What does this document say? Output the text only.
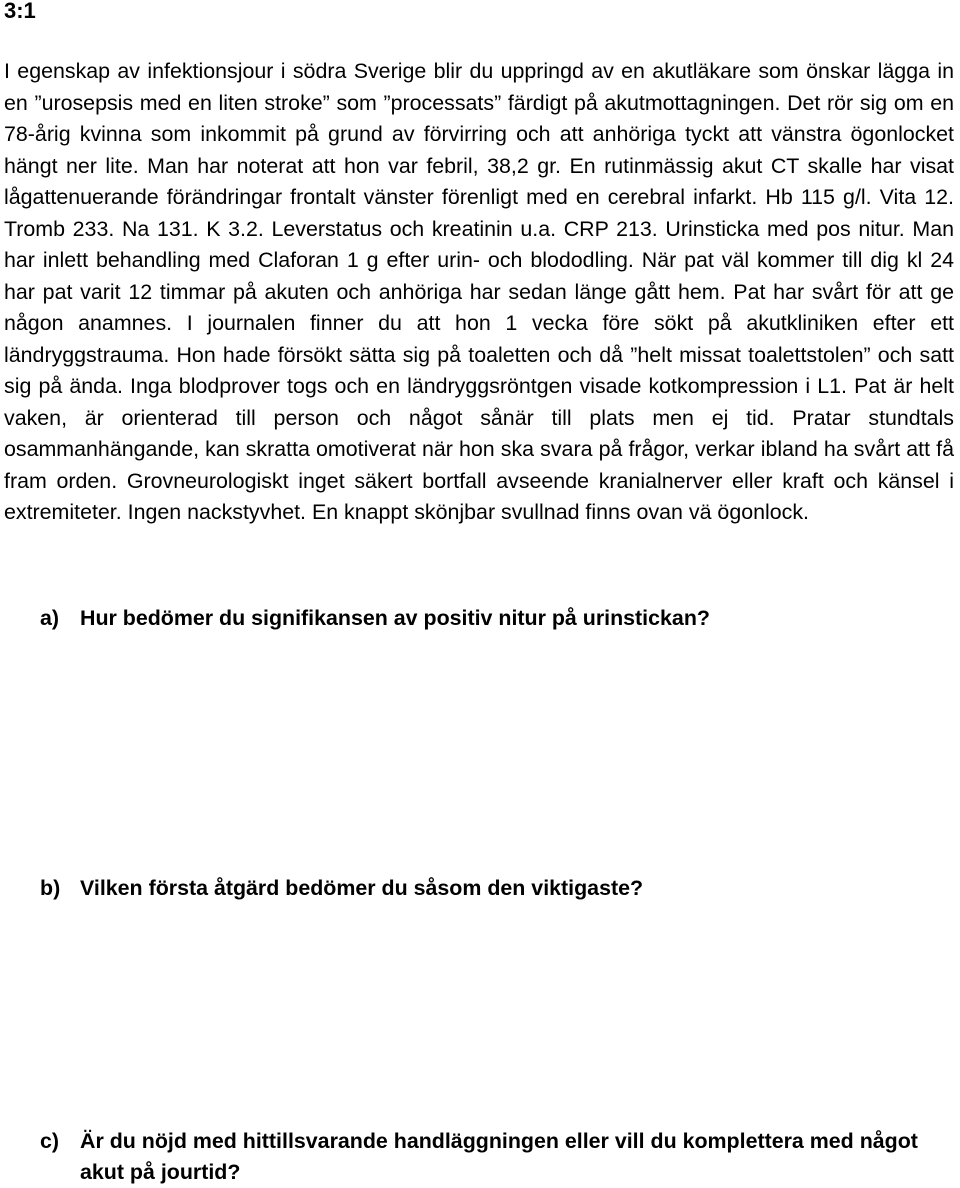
3:1

I egenskap av infektionsjour i södra Sverige blir du uppringd av en akutläkare som önskar lägga in en ”urosepsis med en liten stroke” som ”processats” färdigt på akutmottagningen. Det rör sig om en 78-årig kvinna som inkommit på grund av förvirring och att anhöriga tyckt att vänstra ögonlocket hängt ner lite. Man har noterat att hon var febril, 38,2 gr. En rutinmässig akut CT skalle har visat lågattenuerande förändringar frontalt vänster förenligt med en cerebral infarkt. Hb 115 g/l. Vita 12. Tromb 233. Na 131. K 3.2. Leverstatus och kreatinin u.a. CRP 213. Urinsticka med pos nitur. Man har inlett behandling med Claforan 1 g efter urin- och blododling. När pat väl kommer till dig kl 24 har pat varit 12 timmar på akuten och anhöriga har sedan länge gått hem. Pat har svårt för att ge någon anamnes. I journalen finner du att hon 1 vecka före sökt på akutkliniken efter ett ländryggstrauma. Hon hade försökt sätta sig på toaletten och då ”helt missat toalettstolen” och satt sig på ända. Inga blodprover togs och en ländryggsröntgen visade kotkompression i L1. Pat är helt vaken, är orienterad till person och något sånär till plats men ej tid. Pratar stundtals osammanhängande, kan skratta omotiverat när hon ska svara på frågor, verkar ibland ha svårt att få fram orden. Grovneurologiskt inget säkert bortfall avseende kranialnerver eller kraft och känsel i extremiteter. Ingen nackstyvhet. En knappt skönjbar svullnad finns ovan vä ögonlock.

a) Hur bedömer du signifikansen av positiv nitur på urinstickan?
b) Vilken första åtgärd bedömer du såsom den viktigaste?
c) Är du nöjd med hittillsvarande handläggningen eller vill du komplettera med något akut på jourtid?
